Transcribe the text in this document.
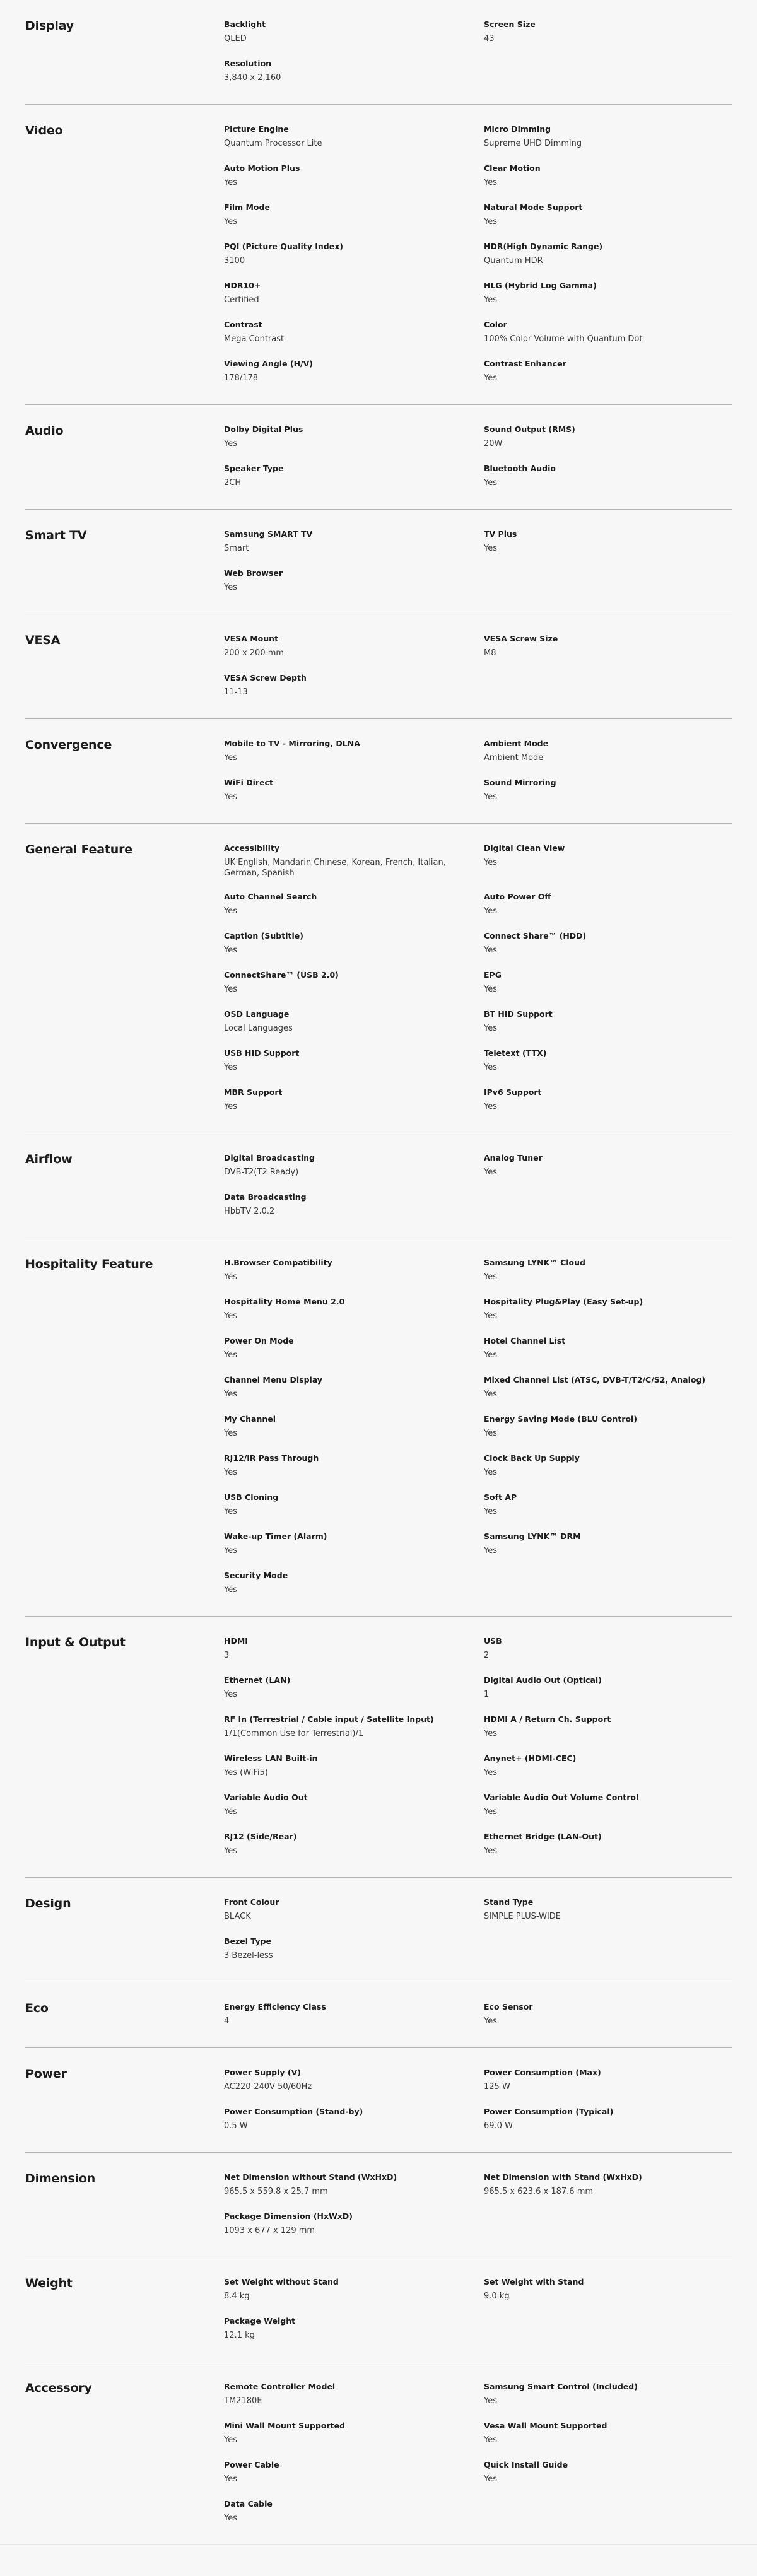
Display	Backlight
QLED
Screen Size
43
Resolution
3,840 x 2,160
Video	Picture Engine
Quantum Processor Lite
Micro Dimming
Supreme UHD Dimming
Auto Motion Plus
Yes
Clear Motion
Yes
Film Mode
Yes
Natural Mode Support
Yes
PQI (Picture Quality Index)
3100
HDR(High Dynamic Range)
Quantum HDR
HDR10+
Certified
HLG (Hybrid Log Gamma)
Yes
Contrast
Mega Contrast
Color
100% Color Volume with Quantum Dot
Viewing Angle (H/V)
178/178
Contrast Enhancer
Yes
Audio	Dolby Digital Plus
Yes
Sound Output (RMS)
20W
Speaker Type
2CH
Bluetooth Audio
Yes
Smart TV	Samsung SMART TV
Smart
TV Plus
Yes
Web Browser
Yes
VESA	VESA Mount
200 x 200 mm
VESA Screw Size
M8
VESA Screw Depth
11-13
Convergence	Mobile to TV - Mirroring, DLNA
Yes
Ambient Mode
Ambient Mode
WiFi Direct
Yes
Sound Mirroring
Yes
General Feature	Accessibility
UK English, Mandarin Chinese, Korean, French, Italian, German, Spanish
Digital Clean View
Yes
Auto Channel Search
Yes
Auto Power Off
Yes
Caption (Subtitle)
Yes
Connect Share™ (HDD)
Yes
ConnectShare™ (USB 2.0)
Yes
EPG
Yes
OSD Language
Local Languages
BT HID Support
Yes
USB HID Support
Yes
Teletext (TTX)
Yes
MBR Support
Yes
IPv6 Support
Yes
Airflow	Digital Broadcasting
DVB-T2(T2 Ready)
Analog Tuner
Yes
Data Broadcasting
HbbTV 2.0.2
Hospitality Feature	H.Browser Compatibility
Yes
Samsung LYNK™ Cloud
Yes
Hospitality Home Menu 2.0
Yes
Hospitality Plug&Play (Easy Set-up)
Yes
Power On Mode
Yes
Hotel Channel List
Yes
Channel Menu Display
Yes
Mixed Channel List (ATSC, DVB-T/T2/C/S2, Analog)
Yes
My Channel
Yes
Energy Saving Mode (BLU Control)
Yes
RJ12/IR Pass Through
Yes
Clock Back Up Supply
Yes
USB Cloning
Yes
Soft AP
Yes
Wake-up Timer (Alarm)
Yes
Samsung LYNK™ DRM
Yes
Security Mode
Yes
Input & Output	HDMI
3
USB
2
Ethernet (LAN)
Yes
Digital Audio Out (Optical)
1
RF In (Terrestrial / Cable input / Satellite Input)
1/1(Common Use for Terrestrial)/1
HDMI A / Return Ch. Support
Yes
Wireless LAN Built-in
Yes (WiFi5)
Anynet+ (HDMI-CEC)
Yes
Variable Audio Out
Yes
Variable Audio Out Volume Control
Yes
RJ12 (Side/Rear)
Yes
Ethernet Bridge (LAN-Out)
Yes
Design	Front Colour
BLACK
Stand Type
SIMPLE PLUS-WIDE
Bezel Type
3 Bezel-less
Eco	Energy Efficiency Class
4
Eco Sensor
Yes
Power	Power Supply (V)
AC220-240V 50/60Hz
Power Consumption (Max)
125 W
Power Consumption (Stand-by)
0.5 W
Power Consumption (Typical)
69.0 W
Dimension	Net Dimension without Stand (WxHxD)
965.5 x 559.8 x 25.7 mm
Net Dimension with Stand (WxHxD)
965.5 x 623.6 x 187.6 mm
Package Dimension (HxWxD)
1093 x 677 x 129 mm
Weight	Set Weight without Stand
8.4 kg
Set Weight with Stand
9.0 kg
Package Weight
12.1 kg
Accessory	Remote Controller Model
TM2180E
Samsung Smart Control (Included)
Yes
Mini Wall Mount Supported
Yes
Vesa Wall Mount Supported
Yes
Power Cable
Yes
Quick Install Guide
Yes
Data Cable
Yes
